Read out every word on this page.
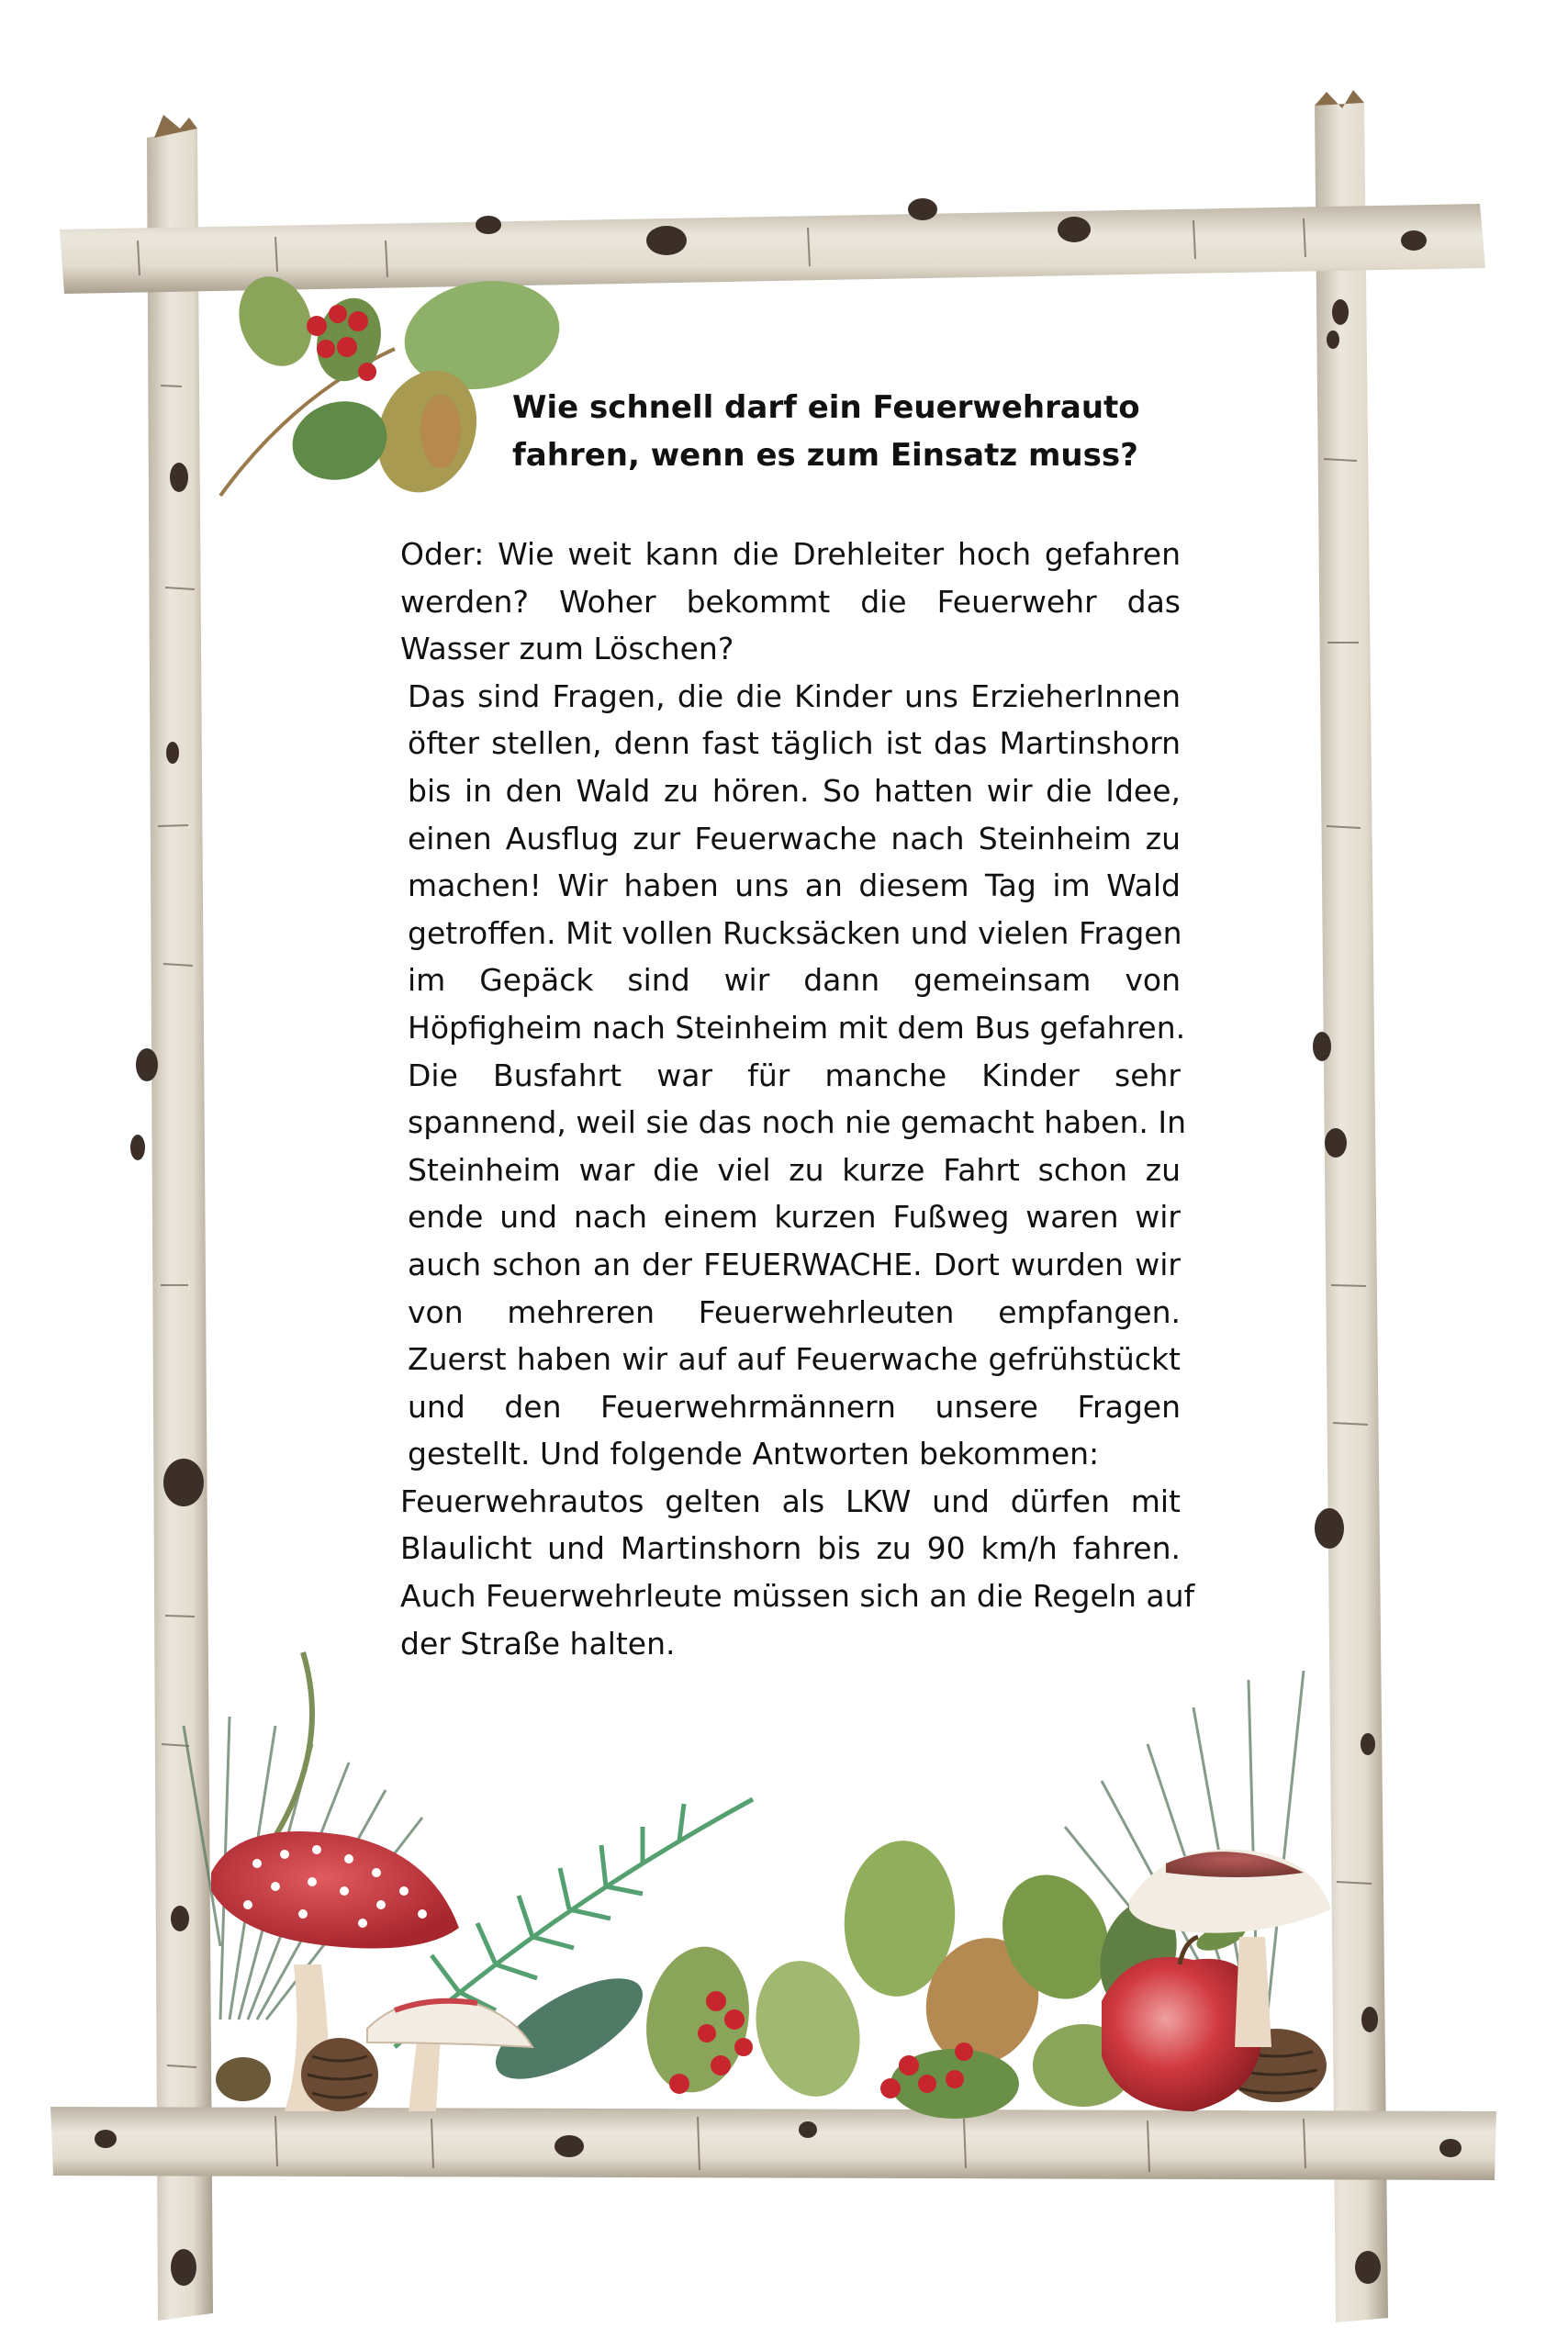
Wie schnell darf ein Feuerwehrauto
fahren, wenn es zum Einsatz muss?
Oder: Wie weit kann die Drehleiter hoch gefahren
werden? Woher bekommt die Feuerwehr das
Wasser zum Löschen?
Das sind Fragen, die die Kinder uns ErzieherInnen
öfter stellen, denn fast täglich ist das Martinshorn
bis in den Wald zu hören. So hatten wir die Idee,
einen Ausflug zur Feuerwache nach Steinheim zu
machen! Wir haben uns an diesem Tag im Wald
getroffen. Mit vollen Rucksäcken und vielen Fragen
im Gepäck sind wir dann gemeinsam von
Höpfigheim nach Steinheim mit dem Bus gefahren.
Die Busfahrt war für manche Kinder sehr
spannend, weil sie das noch nie gemacht haben. In
Steinheim war die viel zu kurze Fahrt schon zu
ende und nach einem kurzen Fußweg waren wir
auch schon an der FEUERWACHE. Dort wurden wir
von mehreren Feuerwehrleuten empfangen.
Zuerst haben wir auf auf Feuerwache gefrühstückt
und den Feuerwehrmännern unsere Fragen
gestellt. Und folgende Antworten bekommen:
Feuerwehrautos gelten als LKW und dürfen mit
Blaulicht und Martinshorn bis zu 90 km/h fahren.
Auch Feuerwehrleute müssen sich an die Regeln auf
der Straße halten.
